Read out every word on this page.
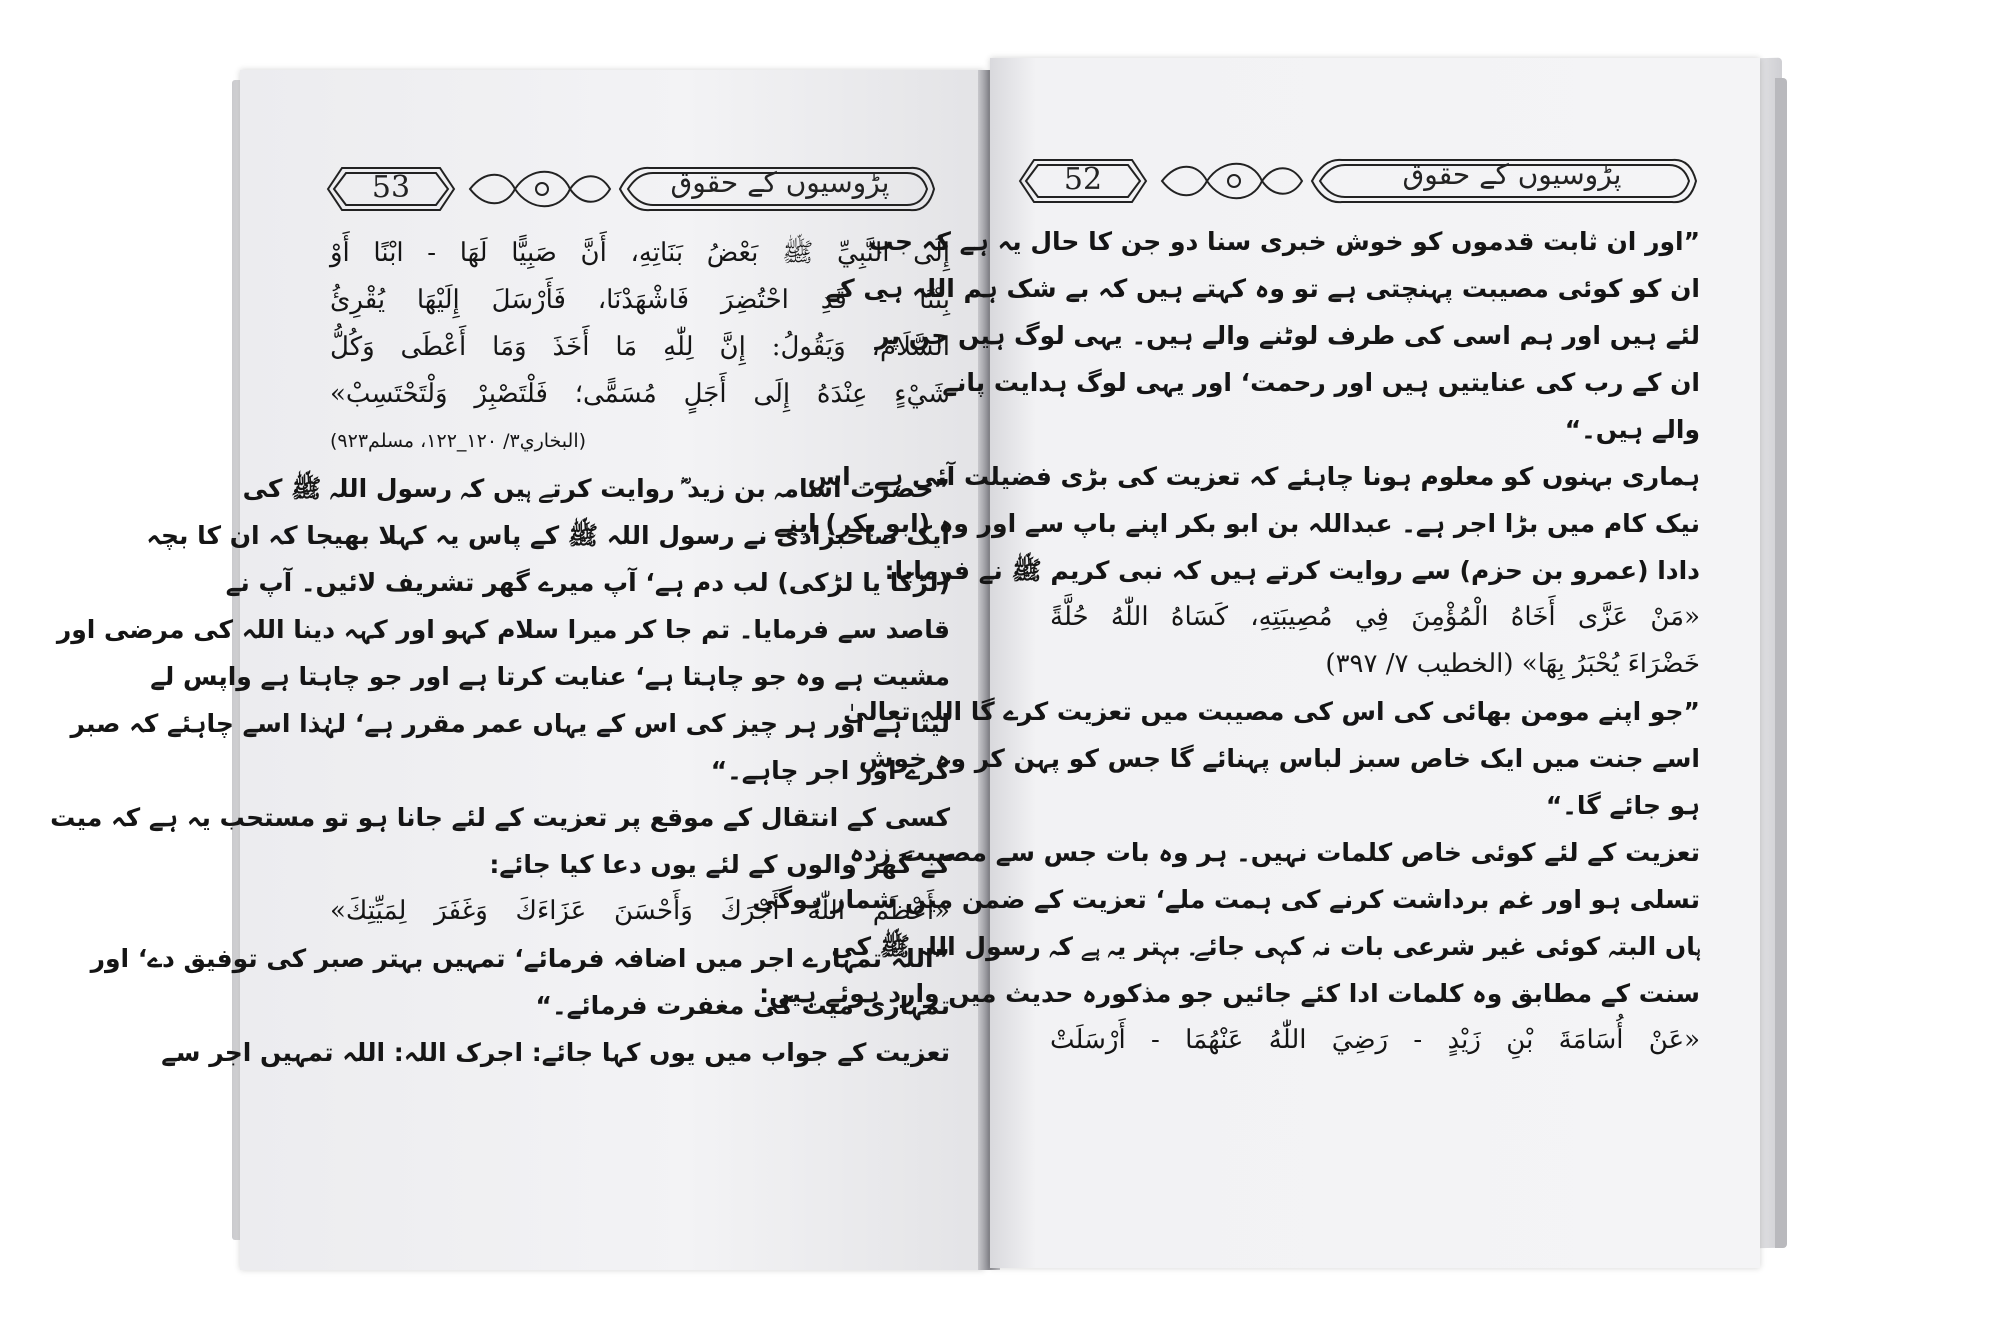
53	پڑوسیوں کے حقوق
إِلَى النَّبِيِّ ﷺ بَعْضُ بَنَاتِهِ، أَنَّ صَبِيًّا لَهَا - ابْنًا أَوْ
بِنْتًا - قَدِ احْتُضِرَ فَاشْهَدْنَا، فَأَرْسَلَ إِلَيْهَا يُقْرِئُ
السَّلَامَ، وَيَقُولُ: إِنَّ لِلّٰهِ مَا أَخَذَ وَمَا أَعْطَى وَكُلُّ
شَيْءٍ عِنْدَهُ إِلَى أَجَلٍ مُسَمًّى؛ فَلْتَصْبِرْ وَلْتَحْتَسِبْ»
(البخاري۳/ ۱۲۰_۱۲۲، مسلم۹۲۳)
”حضرت اسامہ بن زید ؓ روایت کرتے ہیں کہ رسول اللہ ﷺ کی
ایک صاحبزادی نے رسول اللہ ﷺ کے پاس یہ کہلا بھیجا کہ ان کا بچہ
(لڑکا یا لڑکی) لب دم ہے‘ آپ میرے گھر تشریف لائیں۔ آپ نے
قاصد سے فرمایا۔ تم جا کر میرا سلام کہو اور کہہ دینا اللہ کی مرضی اور
مشیت ہے وہ جو چاہتا ہے‘ عنایت کرتا ہے اور جو چاہتا ہے واپس لے
لیتا ہے اور ہر چیز کی اس کے یہاں عمر مقرر ہے‘ لہٰذا اسے چاہئے کہ صبر
کرے اور اجر چاہے۔“
کسی کے انتقال کے موقع پر تعزیت کے لئے جانا ہو تو مستحب یہ ہے کہ میت
کے گھر والوں کے لئے یوں دعا کیا جائے:
«أَعْظَمَ اللّٰهُ أَجْرَكَ وَأَحْسَنَ عَزَاءَكَ وَغَفَرَ لِمَيِّتِكَ»
”اللہ تمہارے اجر میں اضافہ فرمائے‘ تمہیں بہتر صبر کی توفیق دے‘ اور
تمہاری میت کی مغفرت فرمائے۔“
تعزیت کے جواب میں یوں کہا جائے: اجرک اللہ: اللہ تمہیں اجر سے
52	پڑوسیوں کے حقوق
”اور ان ثابت قدموں کو خوش خبری سنا دو جن کا حال یہ ہے کہ جب
ان کو کوئی مصیبت پہنچتی ہے تو وہ کہتے ہیں کہ بے شک ہم اللہ ہی کے
لئے ہیں اور ہم اسی کی طرف لوٹنے والے ہیں۔ یہی لوگ ہیں جن پر
ان کے رب کی عنایتیں ہیں اور رحمت‘ اور یہی لوگ ہدایت پانے
والے ہیں۔“
ہماری بہنوں کو معلوم ہونا چاہئے کہ تعزیت کی بڑی فضیلت آئی ہے۔ اس
نیک کام میں بڑا اجر ہے۔ عبداللہ بن ابو بکر اپنے باپ سے اور وہ (ابو بکر) اپنے
دادا (عمرو بن حزم) سے روایت کرتے ہیں کہ نبی کریم ﷺ نے فرمایا:
«مَنْ عَزَّى أَخَاهُ الْمُؤْمِنَ فِي مُصِيبَتِهِ، كَسَاهُ اللّٰهُ حُلَّةً
خَضْرَاءَ يُحْبَرُ بِهَا» (الخطيب ۷/ ۳۹۷)
”جو اپنے مومن بھائی کی اس کی مصیبت میں تعزیت کرے گا اللہ تعالیٰ
اسے جنت میں ایک خاص سبز لباس پہنائے گا جس کو پہن کر وہ خوش
ہو جائے گا۔“
تعزیت کے لئے کوئی خاص کلمات نہیں۔ ہر وہ بات جس سے مصیبت زدہ
تسلی ہو اور غم برداشت کرنے کی ہمت ملے‘ تعزیت کے ضمن میں شمار ہوگی
ہاں البتہ کوئی غیر شرعی بات نہ کہی جائے۔ بہتر یہ ہے کہ رسول اللہ ﷺ کی
سنت کے مطابق وہ کلمات ادا کئے جائیں جو مذکورہ حدیث میں وارد ہوئے ہیں:
«عَنْ أُسَامَةَ بْنِ زَيْدٍ - رَضِيَ اللّٰهُ عَنْهُمَا - أَرْسَلَتْ
